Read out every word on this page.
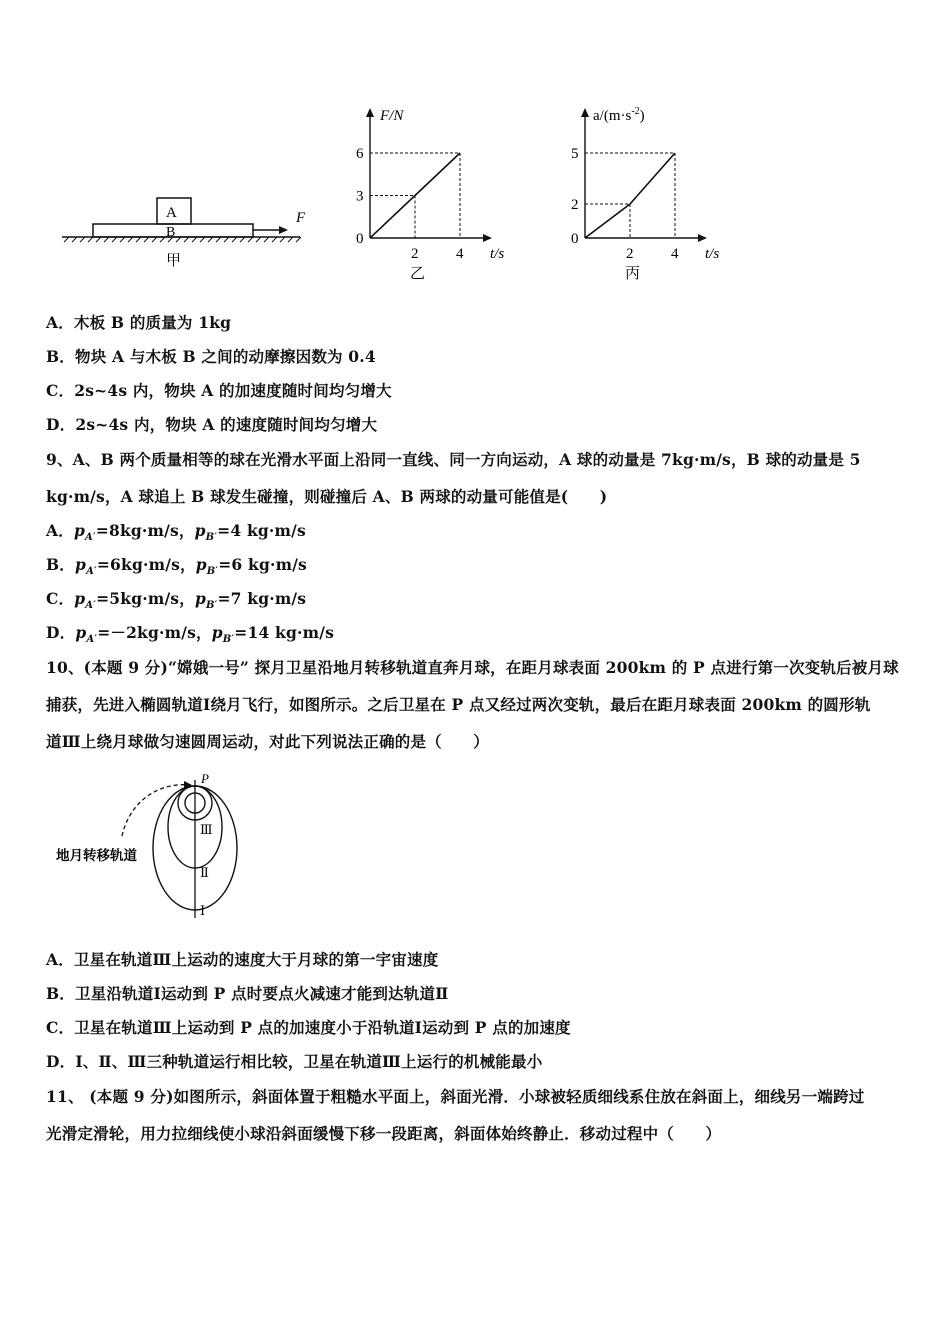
A
B
F
甲
6
3
0
2	4 t/s
F/N
乙
5
2
0
2	4 t/s
$a/(m\cdot s^{-2})$
丙
A．木板 B 的质量为 1kg
B．物块 A 与木板 B 之间的动摩擦因数为 0.4
C．2s~4s 内，物块 A 的加速度随时间均匀增大
D．2s~4s 内，物块 A 的速度随时间均匀增大
9、A、B 两个质量相等的球在光滑水平面上沿同一直线、同一方向运动，A 球的动量是 7kg·m/s，B 球的动量是 5
kg·m/s，A 球追上 B 球发生碰撞，则碰撞后 A、B 两球的动量可能值是(　　)
A．$p_{A'}=8kg\cdot m/s$，$p_{B'}=4$ kg·m/s
B．$p_{A'}=6kg\cdot m/s$，$p_{B'}=6$ kg·m/s
C．$p_{A'}=5kg\cdot m/s$，$p_{B'}=7$ kg·m/s
D．$p_{A'}=-2kg\cdot m/s$，$p_{B'}=14$ kg·m/s
10、(本题 9 分)“嫦娥一号” 探月卫星沿地月转移轨道直奔月球，在距月球表面 200km 的 P 点进行第一次变轨后被月球
捕获，先进入椭圆轨道Ⅰ绕月飞行，如图所示。之后卫星在 P 点又经过两次变轨，最后在距月球表面 200km 的圆形轨
道Ⅲ上绕月球做匀速圆周运动，对此下列说法正确的是（　　）
P
地月转移轨道
Ⅲ
Ⅱ
Ⅰ
A．卫星在轨道Ⅲ上运动的速度大于月球的第一宇宙速度
B．卫星沿轨道Ⅰ运动到 P 点时要点火减速才能到达轨道Ⅱ
C．卫星在轨道Ⅲ上运动到 P 点的加速度小于沿轨道Ⅰ运动到 P 点的加速度
D．Ⅰ、Ⅱ、Ⅲ三种轨道运行相比较，卫星在轨道Ⅲ上运行的机械能最小
11、 (本题 9 分)如图所示，斜面体置于粗糙水平面上，斜面光滑．小球被轻质细线系住放在斜面上，细线另一端跨过
光滑定滑轮，用力拉细线使小球沿斜面缓慢下移一段距离，斜面体始终静止．移动过程中（　　）
